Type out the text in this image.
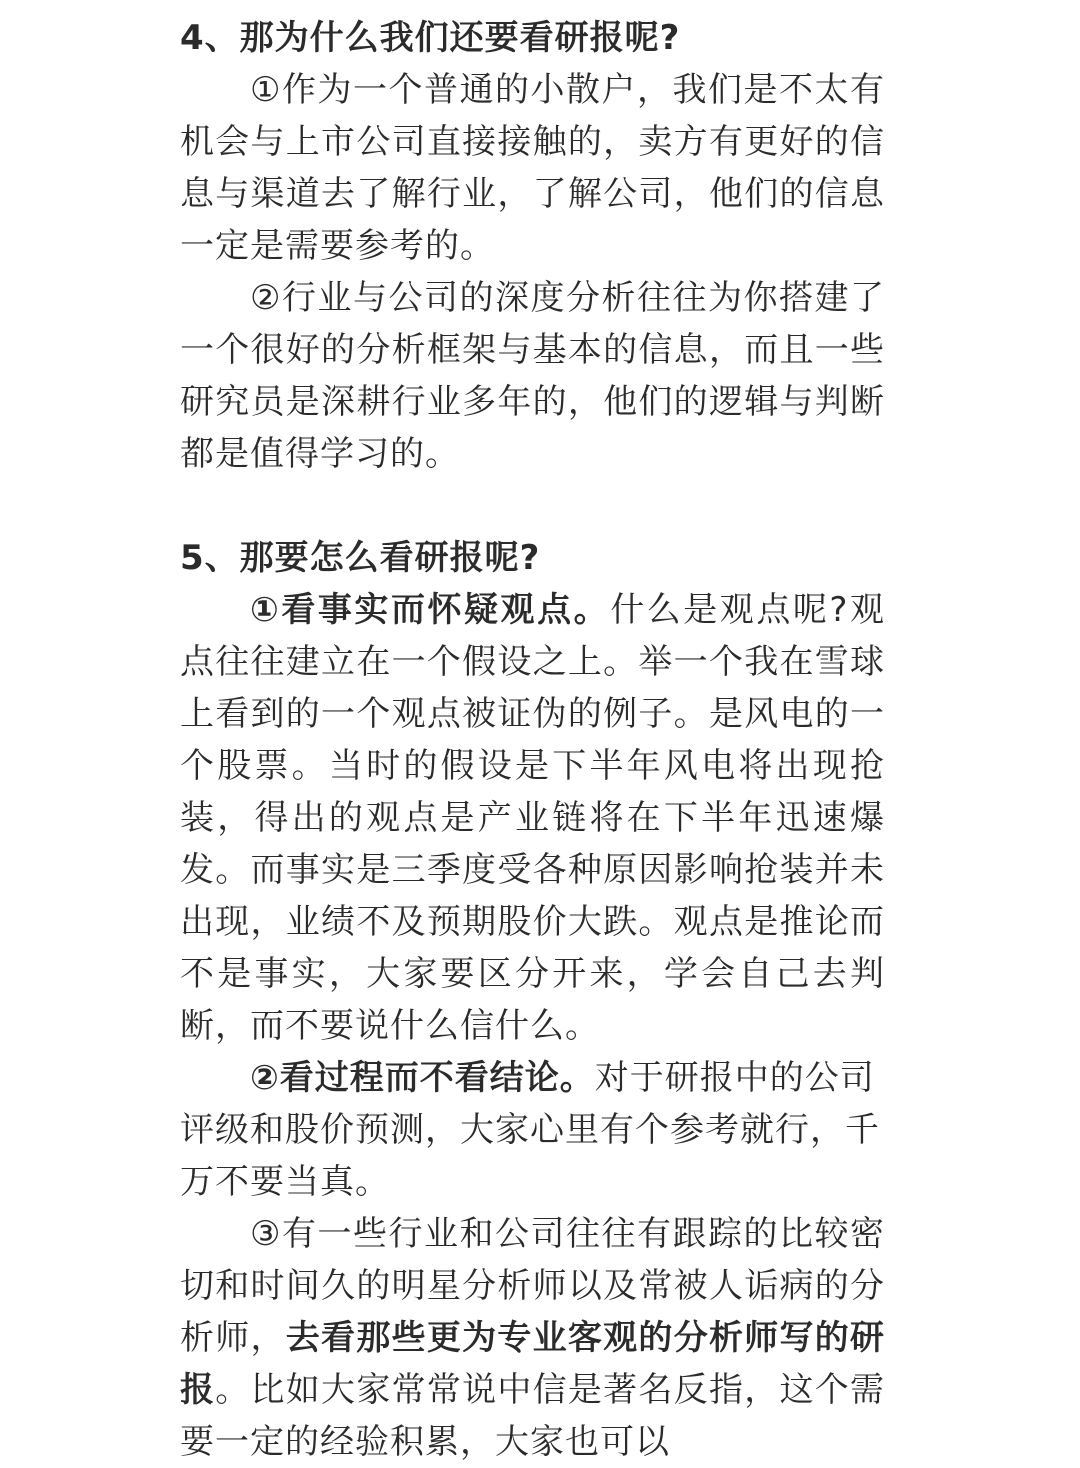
4、那为什么我们还要看研报呢?

①作为一个普通的小散户，我们是不太有机会与上市公司直接接触的，卖方有更好的信息与渠道去了解行业，了解公司，他们的信息一定是需要参考的。

②行业与公司的深度分析往往为你搭建了一个很好的分析框架与基本的信息，而且一些研究员是深耕行业多年的，他们的逻辑与判断都是值得学习的。

5、那要怎么看研报呢?

①看事实而怀疑观点。什么是观点呢?观点往往建立在一个假设之上。举一个我在雪球上看到的一个观点被证伪的例子。是风电的一个股票。当时的假设是下半年风电将出现抢装，得出的观点是产业链将在下半年迅速爆发。而事实是三季度受各种原因影响抢装并未出现，业绩不及预期股价大跌。观点是推论而不是事实，大家要区分开来，学会自己去判断，而不要说什么信什么。

②看过程而不看结论。对于研报中的公司评级和股价预测，大家心里有个参考就行，千万不要当真。

③有一些行业和公司往往有跟踪的比较密切和时间久的明星分析师以及常被人诟病的分析师，去看那些更为专业客观的分析师写的研报。比如大家常常说中信是著名反指，这个需要一定的经验积累，大家也可以
